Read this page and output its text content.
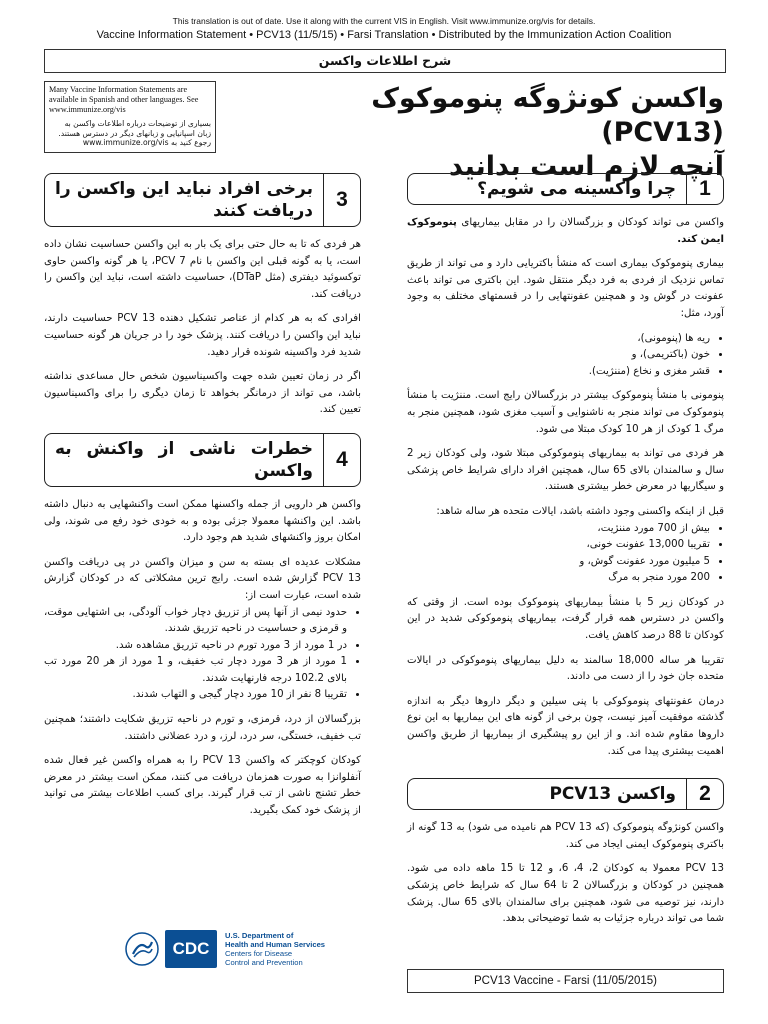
This translation is out of date. Use it along with the current VIS in English. Visit www.immunize.org/vis for details.
Vaccine Information Statement • PCV13 (11/5/15) • Farsi Translation • Distributed by the Immunization Action Coalition
شرح اطلاعات واکسن
Many Vaccine Information Statements are available in Spanish and other languages. See www.immunize.org/vis
بسیاری از توضیحات درباره اطلاعات واکسن به زبان اسپانیایی و زبانهای دیگر در دسترس هستند. رجوع کنید به www.immunize.org/vis
واکسن کونژوگه پنوموکوک (PCV13)
آنچه لازم است بدانید
1
چرا واکسینه می شویم؟

واکسن می تواند کودکان و بزرگسالان را در مقابل بیماریهای پنوموکوک ایمن کند.

بیماری پنوموکوک بیماری است که منشأ باکتریایی دارد و می تواند از طریق تماس نزدیک از فردی به فرد دیگر منتقل شود. این باکتری می تواند باعث عفونت در گوش ود و همچنین عفونتهایی را در قسمتهای مختلف به وجود آورد، مثل:

• ریه ها (پنومونی)،
• خون (باکتریمی)، و
• قشر مغزی و نخاع (مننژیت).

پنومونی با منشأ پنوموکوک بیشتر در بزرگسالان رایج است. مننژیت با منشأ پنوموکوک می تواند منجر به ناشنوایی و آسیب مغزی شود، همچنین منجر به مرگ 1 کودک از هر 10 کودک مبتلا می شود.

هر فردی می تواند به بیماریهای پنوموکوکی مبتلا شود، ولی کودکان زیر 2 سال و سالمندان بالای 65 سال، همچنین افراد دارای شرایط خاص پزشکی و سیگاریها در معرض خطر بیشتری هستند.

قبل از اینکه واکسنی وجود داشته باشد، ایالات متحده هر ساله شاهد:

• بیش از 700 مورد مننژیت،
• تقریبا 13,000 عفونت خونی،
• 5 میلیون مورد عفونت گوش، و
• 200 مورد منجر به مرگ

در کودکان زیر 5 با منشأ بیماریهای پنوموکوک بوده است. از وقتی که واکسن در دسترس همه قرار گرفت، بیماریهای پنوموکوکی شدید در این کودکان تا 88 درصد کاهش یافت.

تقریبا هر ساله 18,000 سالمند به دلیل بیماریهای پنوموکوکی در ایالات متحده جان خود را از دست می دادند.

درمان عفونتهای پنوموکوکی با پنی سیلین و دیگر داروها دیگر به اندازه گذشته موفقیت آمیز نیست، چون برخی از گونه های این بیماریها به این نوع داروها مقاوم شده اند. و از این رو پیشگیری از بیماریها از طریق واکسن اهمیت بیشتری پیدا می کند.

2
واکسن PCV13

واکسن کونژوگه پنوموکوک (که PCV 13 هم نامیده می شود) به 13 گونه از باکتری پنوموکوک ایمنی ایجاد می کند.

PCV 13 معمولا به کودکان 2، 4، 6، و 12 تا 15 ماهه داده می شود. همچنین در کودکان و بزرگسالان 2 تا 64 سال که شرایط خاص پزشکی دارند، نیز توصیه می شود، همچنین برای سالمندان بالای 65 سال. پزشک شما می تواند درباره جزئیات به شما توضیحاتی بدهد.

3
برخی افراد نباید این واکسن را دریافت کنند

هر فردی که تا به حال حتی برای یک بار به این واکسن حساسیت نشان داده است، یا به گونه قبلی این واکسن با نام PCV 7، یا هر گونه واکسن حاوی توکسوئید دیفتری (مثل DTaP)، حساسیت داشته است، نباید این واکسن را دریافت کند.

افرادی که به هر کدام از عناصر تشکیل دهنده PCV 13 حساسیت دارند، نباید این واکسن را دریافت کنند. پزشک خود را در جریان هر گونه حساسیت شدید فرد واکسینه شونده قرار دهید.

اگر در زمان تعیین شده جهت واکسیناسیون شخص حال مساعدی نداشته باشد، می تواند از درمانگر بخواهد تا زمان دیگری را برای واکسیناسیون تعیین کند.

4
خطرات ناشی از واکنش به واکسن

واکسن هر دارویی از جمله واکسنها ممکن است واکنشهایی به دنبال داشته باشد. این واکنشها معمولا جزئی بوده و به خودی خود رفع می شوند، ولی امکان بروز واکنشهای شدید هم وجود دارد.

مشکلات عدیده ای بسته به سن و میزان واکسن در پی دریافت واکسن PCV 13 گزارش شده است. رایج ترین مشکلاتی که در کودکان گزارش شده است، عبارت است از:

• حدود نیمی از آنها پس از تزریق دچار خواب آلودگی، بی اشتهایی موقت، و قرمزی و حساسیت در ناحیه تزریق شدند.
• در 1 مورد از 3 مورد تورم در ناحیه تزریق مشاهده شد.
• 1 مورد از هر 3 مورد دچار تب خفیف، و 1 مورد از هر 20 مورد تب بالای 102.2 درجه فارنهایت شدند.
• تقریبا 8 نفر از 10 مورد دچار گیجی و التهاب شدند.

بزرگسالان از درد، قرمزی، و تورم در ناحیه تزریق شکایت داشتند؛ همچنین تب خفیف، خستگی، سر درد، لرز، و درد عضلانی داشتند.

کودکان کوچکتر که واکسن PCV 13 را به همراه واکسن غیر فعال شده آنفلوانزا به صورت همزمان دریافت می کنند، ممکن است بیشتر در معرض خطر تشنج ناشی از تب قرار گیرند. برای کسب اطلاعات بیشتر می توانید از پزشک خود کمک بگیرید.

CDC
U.S. Department of
Health and Human Services
Centers for Disease
Control and Prevention
PCV13 Vaccine - Farsi (11/05/2015)
